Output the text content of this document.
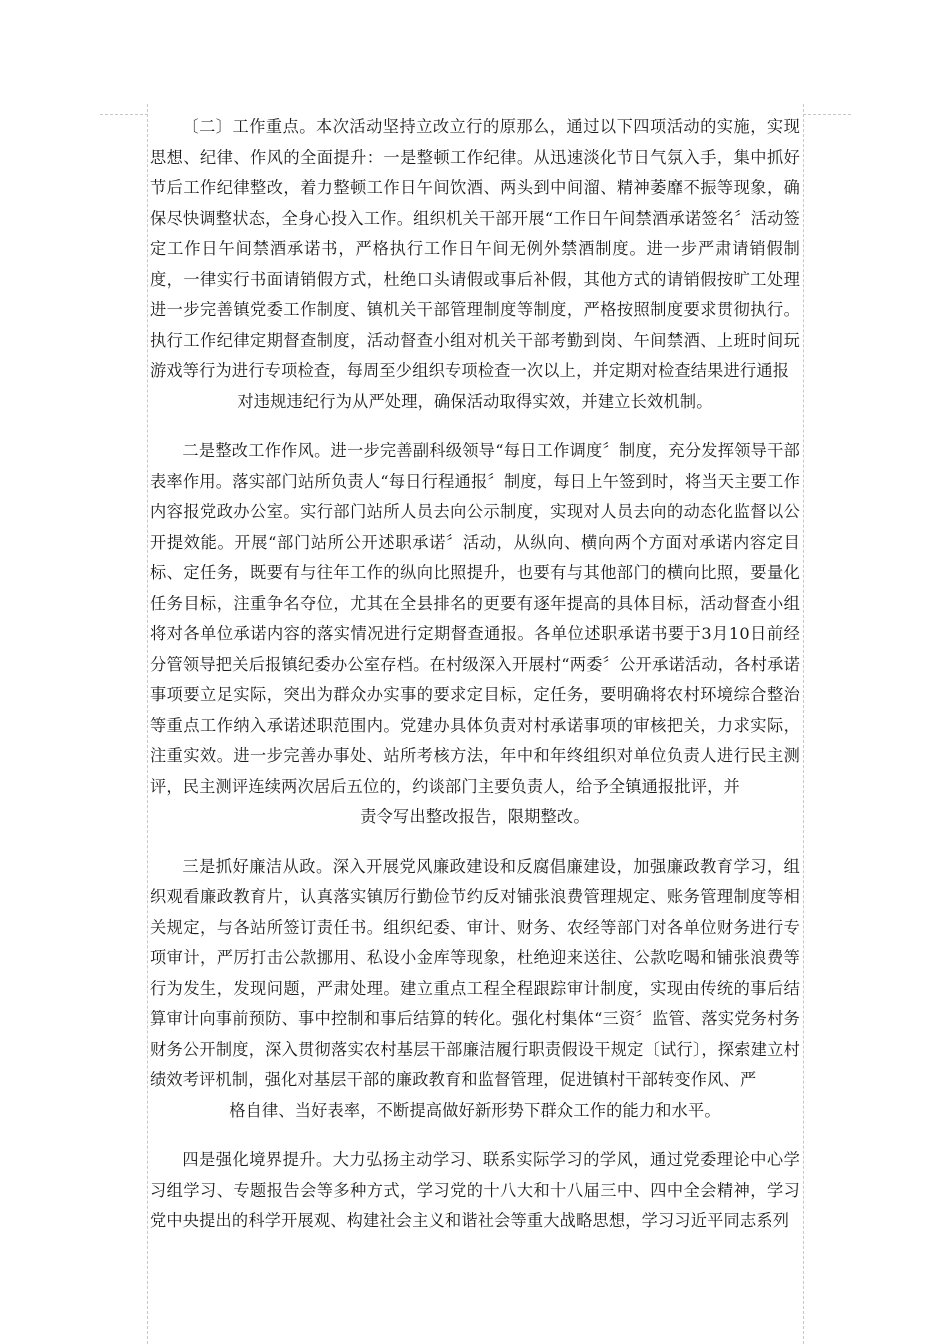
〔二〕工作重点。本次活动坚持立改立行的原那么，通过以下四项活动的实施，实现思想、纪律、作风的全面提升：一是整顿工作纪律。从迅速淡化节日气氛入手，集中抓好节后工作纪律整改，着力整顿工作日午间饮酒、两头到中间溜、精神萎靡不振等现象，确保尽快调整状态，全身心投入工作。组织机关干部开展“工作日午间禁酒承诺签名〞活动签定工作日午间禁酒承诺书，严格执行工作日午间无例外禁酒制度。进一步严肃请销假制度，一律实行书面请销假方式，杜绝口头请假或事后补假，其他方式的请销假按旷工处理进一步完善镇党委工作制度、镇机关干部管理制度等制度，严格按照制度要求贯彻执行。执行工作纪律定期督查制度，活动督查小组对机关干部考勤到岗、午间禁酒、上班时间玩游戏等行为进行专项检查，每周至少组织专项检查一次以上，并定期对检查结果进行通报
对违规违纪行为从严处理，确保活动取得实效，并建立长效机制。

二是整改工作作风。进一步完善副科级领导“每日工作调度〞制度，充分发挥领导干部表率作用。落实部门站所负责人“每日行程通报〞制度，每日上午签到时，将当天主要工作内容报党政办公室。实行部门站所人员去向公示制度，实现对人员去向的动态化监督以公开提效能。开展“部门站所公开述职承诺〞活动，从纵向、横向两个方面对承诺内容定目标、定任务，既要有与往年工作的纵向比照提升，也要有与其他部门的横向比照，要量化任务目标，注重争名夺位，尤其在全县排名的更要有逐年提高的具体目标，活动督查小组将对各单位承诺内容的落实情况进行定期督查通报。各单位述职承诺书要于3月10日前经分管领导把关后报镇纪委办公室存档。在村级深入开展村“两委〞公开承诺活动，各村承诺事项要立足实际，突出为群众办实事的要求定目标，定任务，要明确将农村环境综合整治等重点工作纳入承诺述职范围内。党建办具体负责对村承诺事项的审核把关，力求实际，注重实效。进一步完善办事处、站所考核方法，年中和年终组织对单位负责人进行民主测评，民主测评连续两次居后五位的，约谈部门主要负责人，给予全镇通报批评，并
责令写出整改报告，限期整改。

三是抓好廉洁从政。深入开展党风廉政建设和反腐倡廉建设，加强廉政教育学习，组织观看廉政教育片，认真落实镇厉行勤俭节约反对铺张浪费管理规定、账务管理制度等相关规定，与各站所签订责任书。组织纪委、审计、财务、农经等部门对各单位财务进行专项审计，严厉打击公款挪用、私设小金库等现象，杜绝迎来送往、公款吃喝和铺张浪费等行为发生，发现问题，严肃处理。建立重点工程全程跟踪审计制度，实现由传统的事后结算审计向事前预防、事中控制和事后结算的转化。强化村集体“三资〞监管、落实党务村务财务公开制度，深入贯彻落实农村基层干部廉洁履行职责假设干规定〔试行〕，探索建立村绩效考评机制，强化对基层干部的廉政教育和监督管理，促进镇村干部转变作风、严
格自律、当好表率，不断提高做好新形势下群众工作的能力和水平。

四是强化境界提升。大力弘扬主动学习、联系实际学习的学风，通过党委理论中心学习组学习、专题报告会等多种方式，学习党的十八大和十八届三中、四中全会精神，学习党中央提出的科学开展观、构建社会主义和谐社会等重大战略思想，学习习近平同志系列
